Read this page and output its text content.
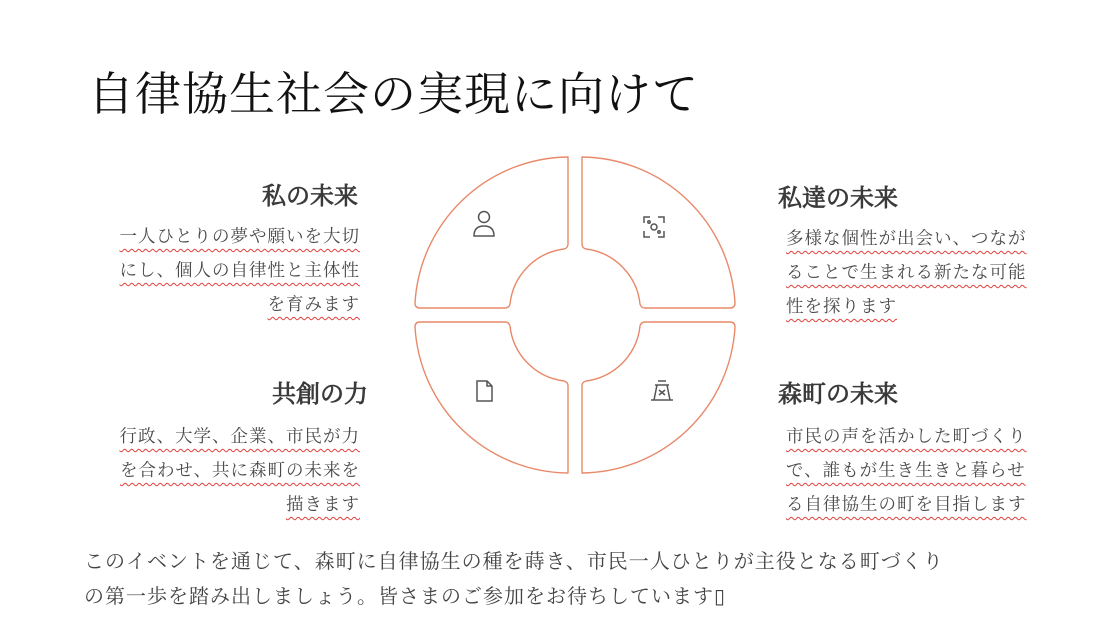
自律協生社会の実現に向けて
私の未来
一人ひとりの夢や願いを大切
にし、個人の自律性と主体性
を育みます
私達の未来
多様な個性が出会い、つなが
ることで生まれる新たな可能
性を探ります
共創の力
行政、大学、企業、市民が力
を合わせ、共に森町の未来を
描きます
森町の未来
市民の声を活かした町づくり
で、誰もが生き生きと暮らせ
る自律協生の町を目指します
このイベントを通じて、森町に自律協生の種を蒔き、市民一人ひとりが主役となる町づくり
の第一歩を踏み出しましょう。皆さまのご参加をお待ちしています▯
